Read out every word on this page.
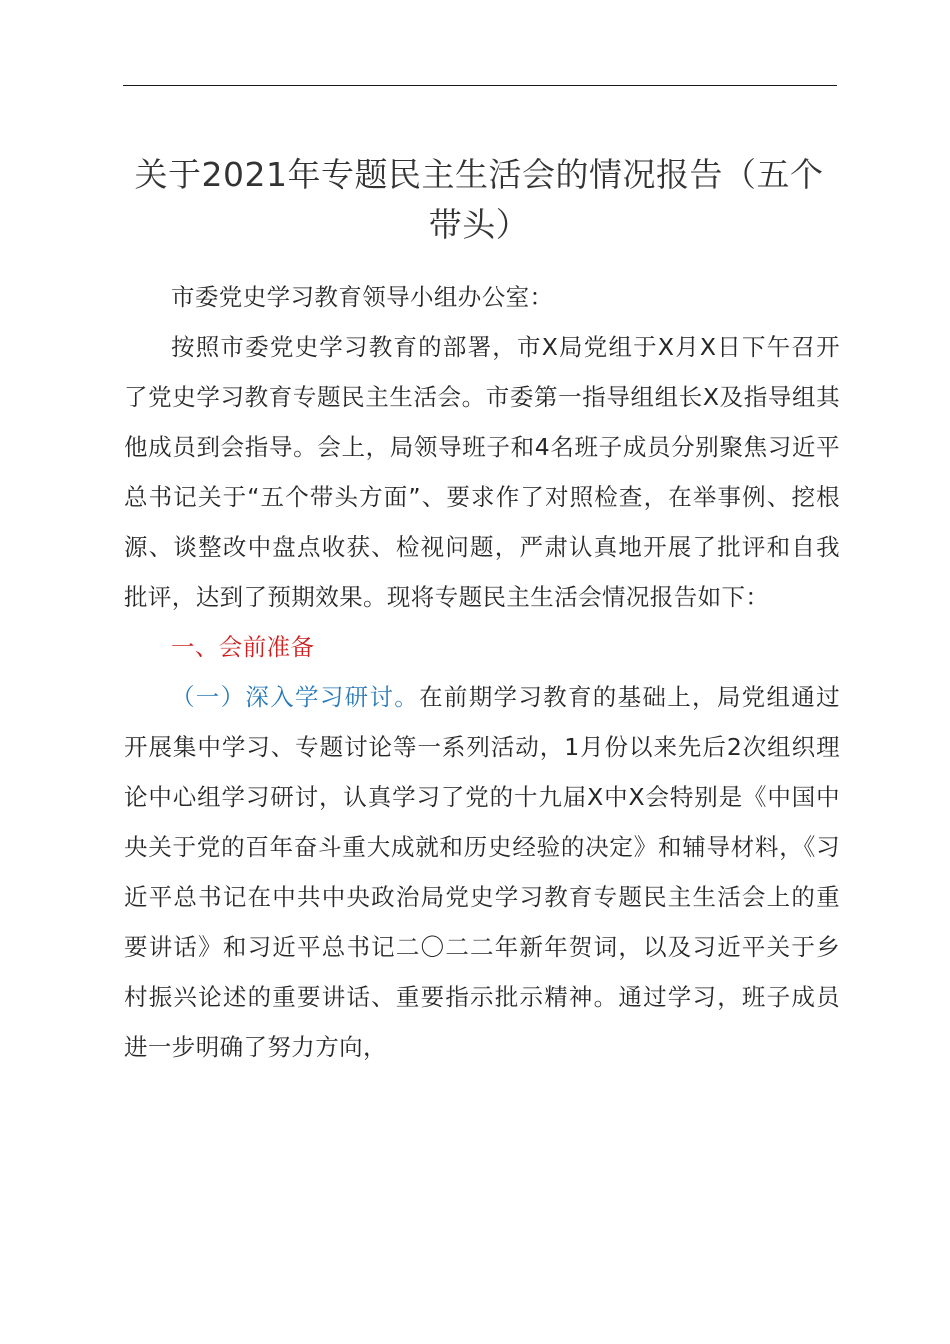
关于2021年专题民主生活会的情况报告（五个带头）

市委党史学习教育领导小组办公室：

按照市委党史学习教育的部署，市X局党组于X月X日下午召开了党史学习教育专题民主生活会。市委第一指导组组长X及指导组其他成员到会指导。会上，局领导班子和4名班子成员分别聚焦习近平总书记关于“五个带头方面”、要求作了对照检查，在举事例、挖根源、谈整改中盘点收获、检视问题，严肃认真地开展了批评和自我批评，达到了预期效果。现将专题民主生活会情况报告如下：

一、会前准备

（一）深入学习研讨。在前期学习教育的基础上，局党组通过开展集中学习、专题讨论等一系列活动，1月份以来先后2次组织理论中心组学习研讨，认真学习了党的十九届X中X会特别是《中国中央关于党的百年奋斗重大成就和历史经验的决定》和辅导材料，《习近平总书记在中共中央政治局党史学习教育专题民主生活会上的重要讲话》和习近平总书记二〇二二年新年贺词，以及习近平关于乡村振兴论述的重要讲话、重要指示批示精神。通过学习，班子成员进一步明确了努力方向，
